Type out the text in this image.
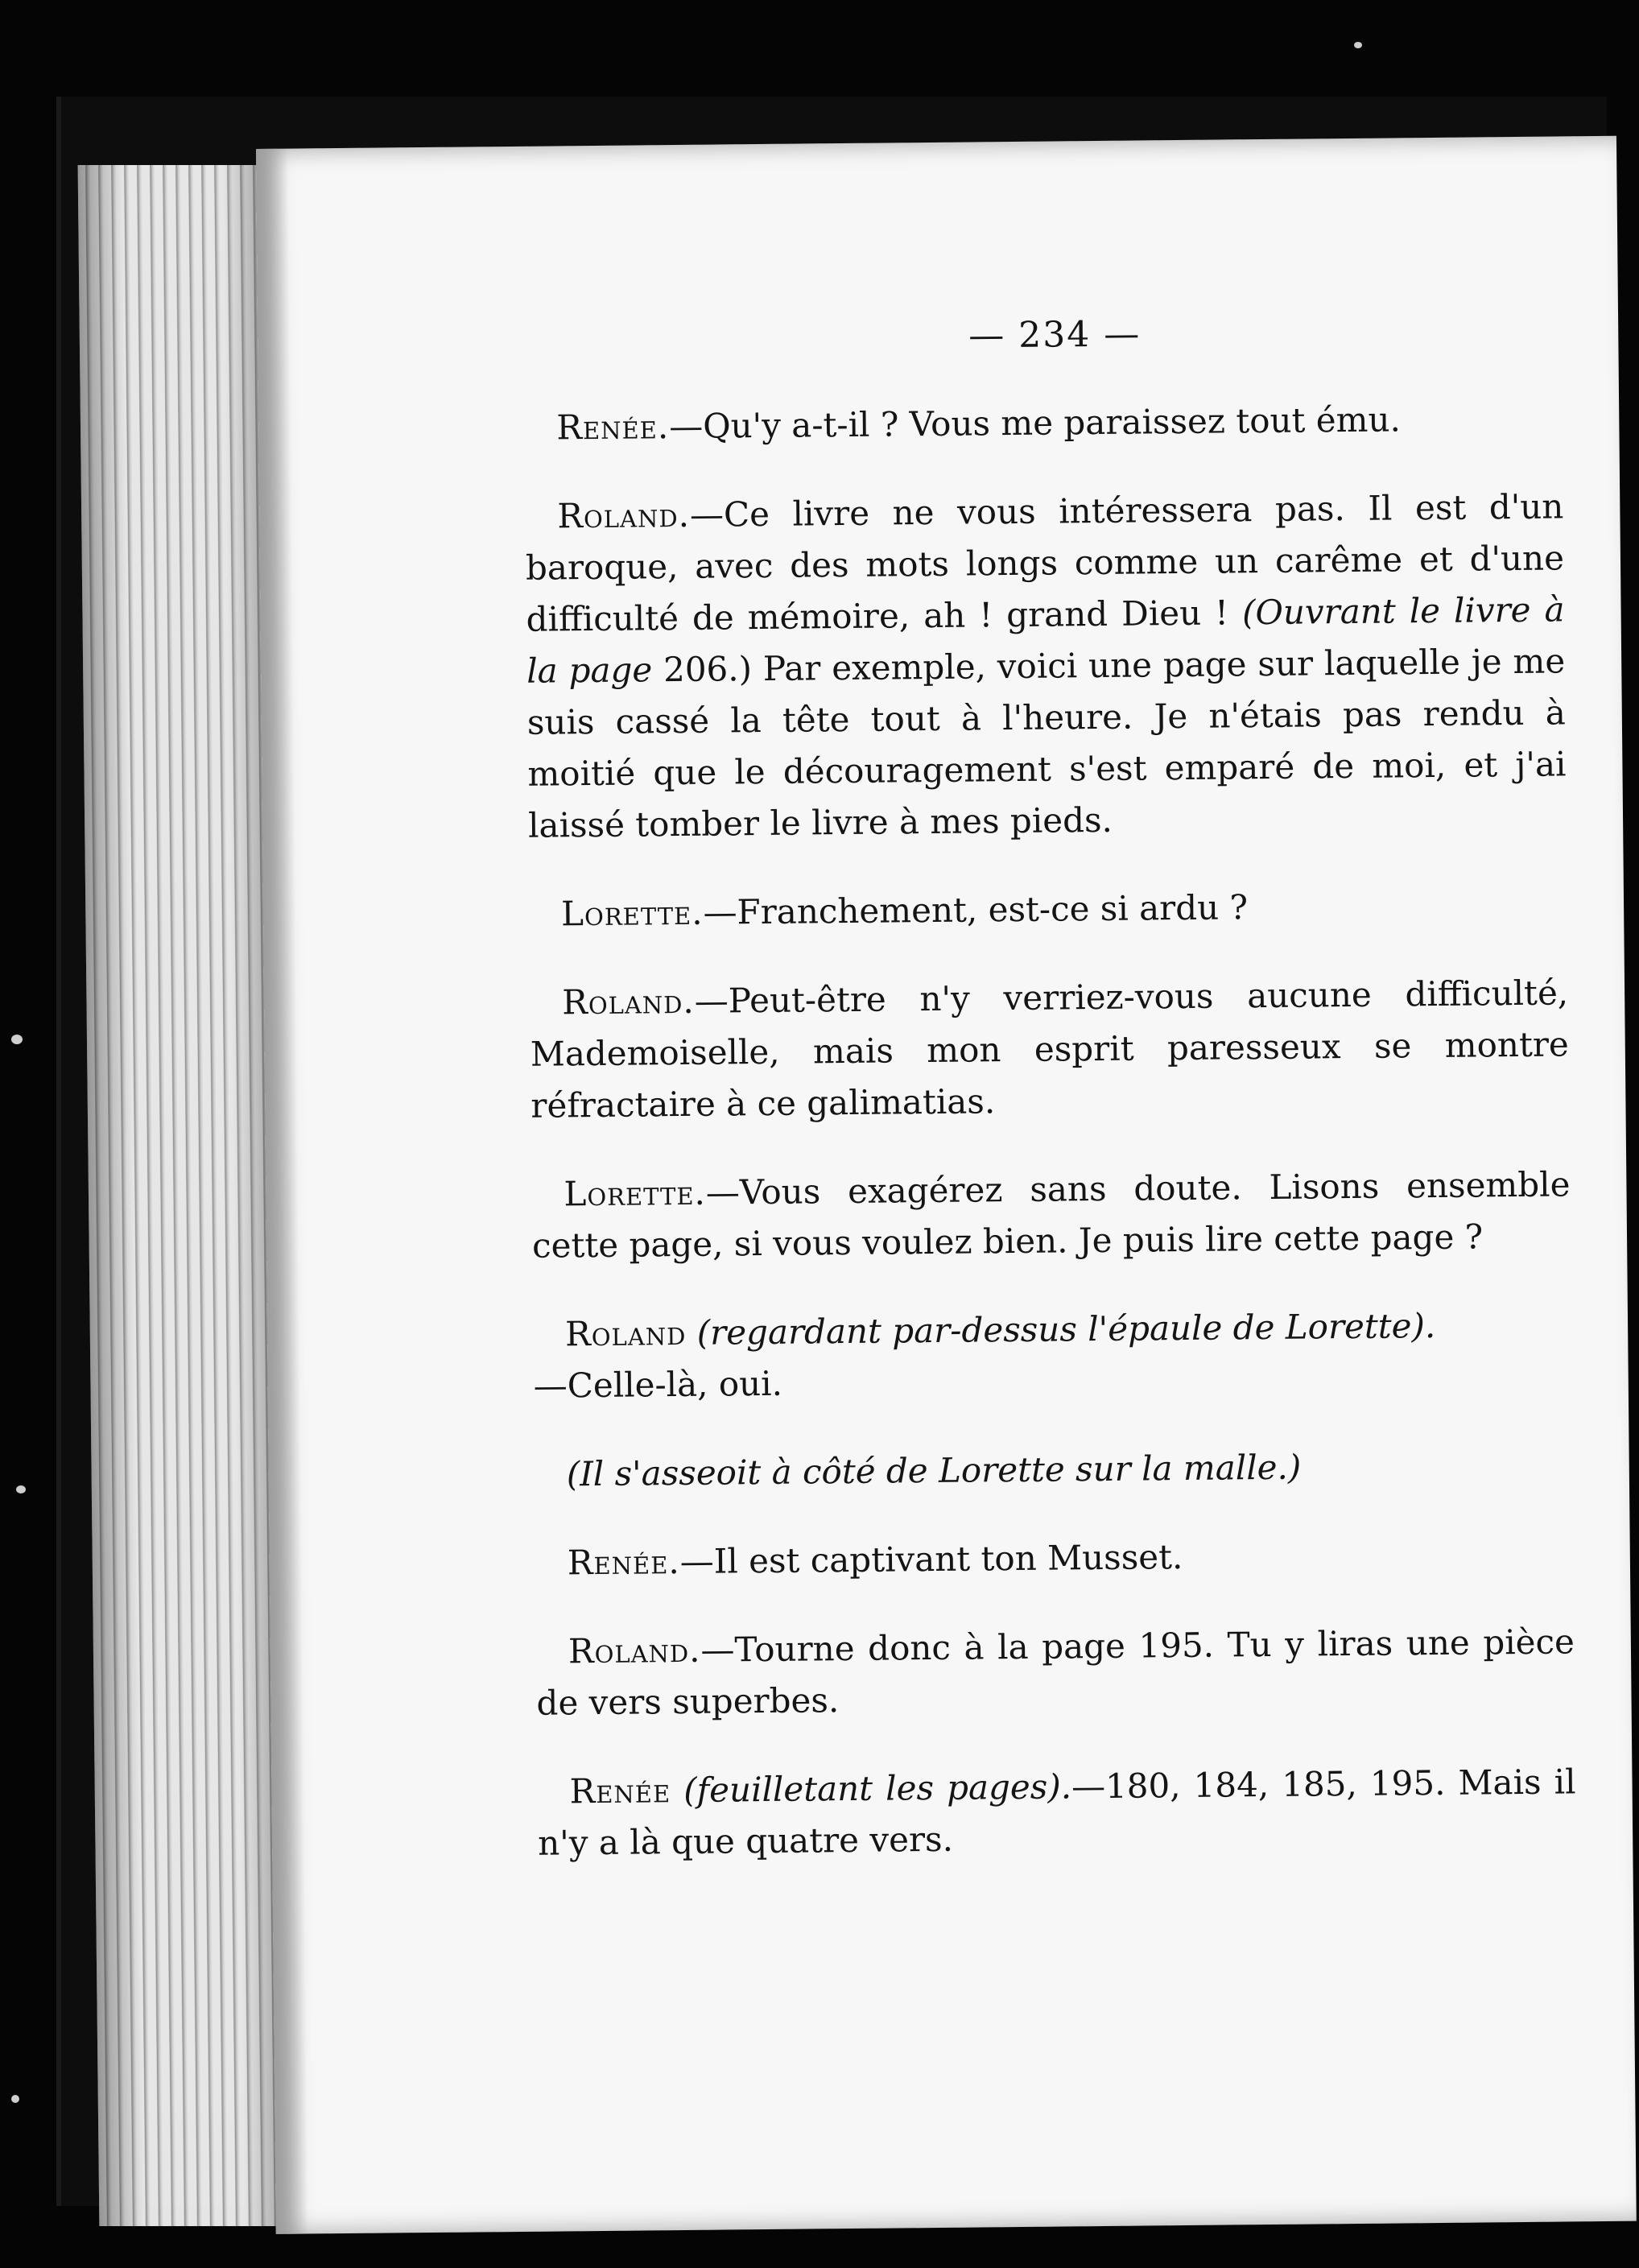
— 234 —

Renée.—Qu'y a-t-il ? Vous me paraissez tout ému.

Roland.—Ce livre ne vous intéressera pas. Il est d'un baroque, avec des mots longs comme un carême et d'une difficulté de mémoire, ah ! grand Dieu ! (Ouvrant le livre à la page 206.) Par exemple, voici une page sur laquelle je me suis cassé la tête tout à l'heure. Je n'étais pas rendu à moitié que le découragement s'est emparé de moi, et j'ai laissé tomber le livre à mes pieds.

Lorette.—Franchement, est-ce si ardu ?

Roland.—Peut-être n'y verriez-vous aucune difficulté, Mademoiselle, mais mon esprit paresseux se montre réfractaire à ce galimatias.

Lorette.—Vous exagérez sans doute. Lisons ensemble cette page, si vous voulez bien. Je puis lire cette page ?

Roland (regardant par-dessus l'épaule de Lorette).
—Celle-là, oui.

(Il s'asseoit à côté de Lorette sur la malle.)

Renée.—Il est captivant ton Musset.

Roland.—Tourne donc à la page 195. Tu y liras une pièce de vers superbes.

Renée (feuilletant les pages).—180, 184, 185, 195. Mais il n'y a là que quatre vers.
